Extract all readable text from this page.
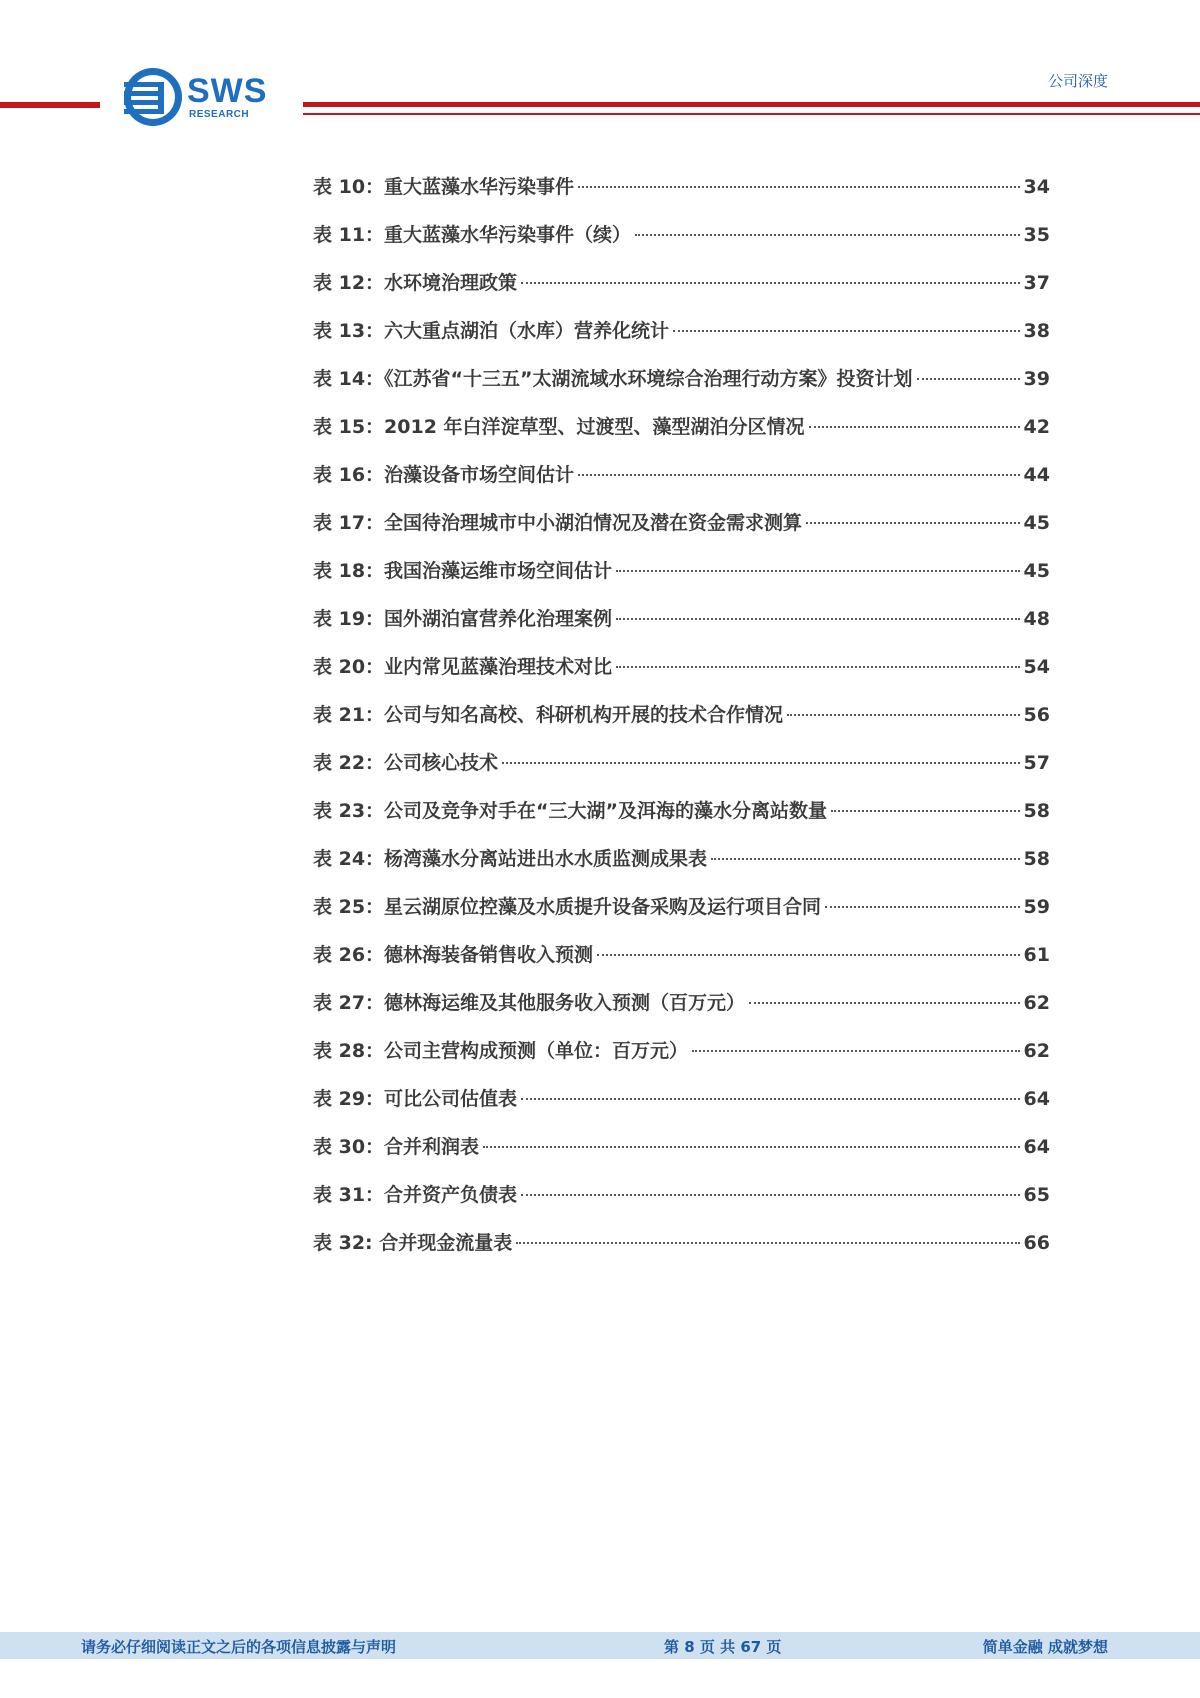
SWS
RESEARCH
公司深度
表 10：重大蓝藻水华污染事件	34
表 11：重大蓝藻水华污染事件（续）	35
表 12：水环境治理政策	37
表 13：六大重点湖泊（水库）营养化统计	38
表 14：《江苏省“十三五”太湖流域水环境综合治理行动方案》投资计划	39
表 15：2012 年白洋淀草型、过渡型、藻型湖泊分区情况	42
表 16：治藻设备市场空间估计	44
表 17：全国待治理城市中小湖泊情况及潜在资金需求测算	45
表 18：我国治藻运维市场空间估计	45
表 19：国外湖泊富营养化治理案例	48
表 20：业内常见蓝藻治理技术对比	54
表 21：公司与知名高校、科研机构开展的技术合作情况	56
表 22：公司核心技术	57
表 23：公司及竞争对手在“三大湖”及洱海的藻水分离站数量	58
表 24：杨湾藻水分离站进出水水质监测成果表	58
表 25：星云湖原位控藻及水质提升设备采购及运行项目合同	59
表 26：德林海装备销售收入预测	61
表 27：德林海运维及其他服务收入预测（百万元）	62
表 28：公司主营构成预测（单位：百万元）	62
表 29：可比公司估值表	64
表 30：合并利润表	64
表 31：合并资产负债表	65
表 32: 合并现金流量表	66
请务必仔细阅读正文之后的各项信息披露与声明	第 8 页 共 67 页	简单金融 成就梦想
